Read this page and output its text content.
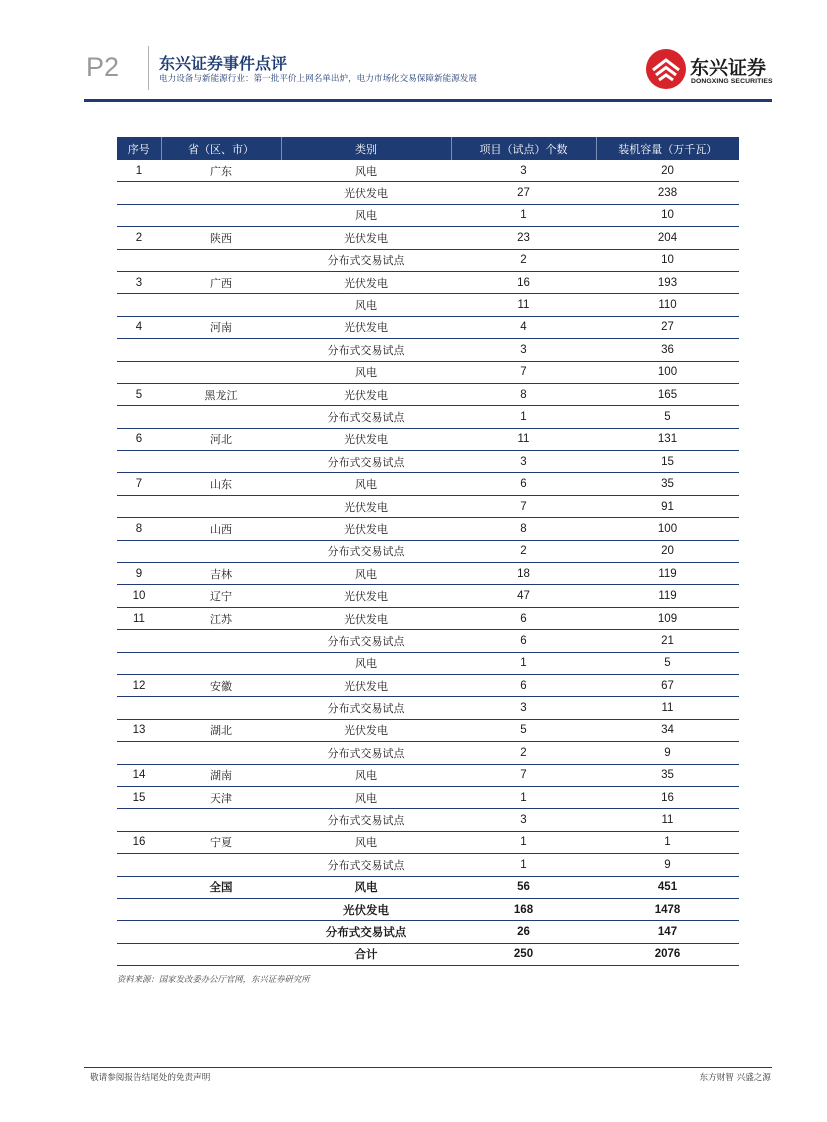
P2 东兴证券事件点评
电力设备与新能源行业：第一批平价上网名单出炉，电力市场化交易保障新能源发展	东兴证券
DONGXING SECURITIES
序号	省（区、市）	类别	项目（试点）个数	装机容量（万千瓦）
1	广东	风电	3	20
		光伏发电	27	238
		风电	1	10
2	陕西	光伏发电	23	204
		分布式交易试点	2	10
3	广西	光伏发电	16	193
		风电	11	110
4	河南	光伏发电	4	27
		分布式交易试点	3	36
		风电	7	100
5	黑龙江	光伏发电	8	165
		分布式交易试点	1	5
6	河北	光伏发电	11	131
		分布式交易试点	3	15
7	山东	风电	6	35
		光伏发电	7	91
8	山西	光伏发电	8	100
		分布式交易试点	2	20
9	吉林	风电	18	119
10	辽宁	光伏发电	47	119
11	江苏	光伏发电	6	109
		分布式交易试点	6	21
		风电	1	5
12	安徽	光伏发电	6	67
		分布式交易试点	3	11
13	湖北	光伏发电	5	34
		分布式交易试点	2	9
14	湖南	风电	7	35
15	天津	风电	1	16
		分布式交易试点	3	11
16	宁夏	风电	1	1
		分布式交易试点	1	9
	全国	风电	56	451
		光伏发电	168	1478
		分布式交易试点	26	147
		合计	250	2076
资料来源：国家发改委办公厅官网，东兴证券研究所
敬请参阅报告结尾处的免责声明	东方财智 兴盛之源
